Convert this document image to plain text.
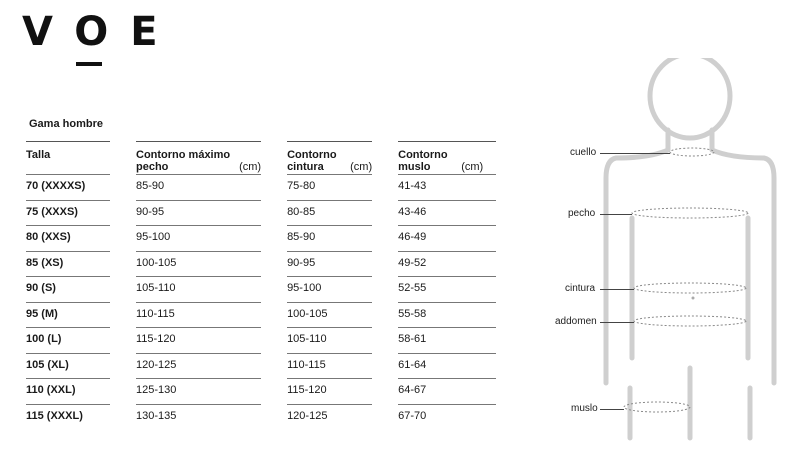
VOE
Gama hombre
Talla		Contorno máximo pecho (cm)		Contorno cintura (cm)		Contorno muslo (cm)
70 (XXXXS)		85-90		75-80		41-43
75 (XXXS)		90-95		80-85		43-46
80 (XXS)		95-100		85-90		46-49
85 (XS)		100-105		90-95		49-52
90 (S)		105-110		95-100		52-55
95 (M)		110-115		100-105		55-58
100 (L)		115-120		105-110		58-61
105 (XL)		120-125		110-115		61-64
110 (XXL)		125-130		115-120		64-67
115 (XXXL)		130-135		120-125		67-70
cuello
pecho
cintura
addomen
muslo
